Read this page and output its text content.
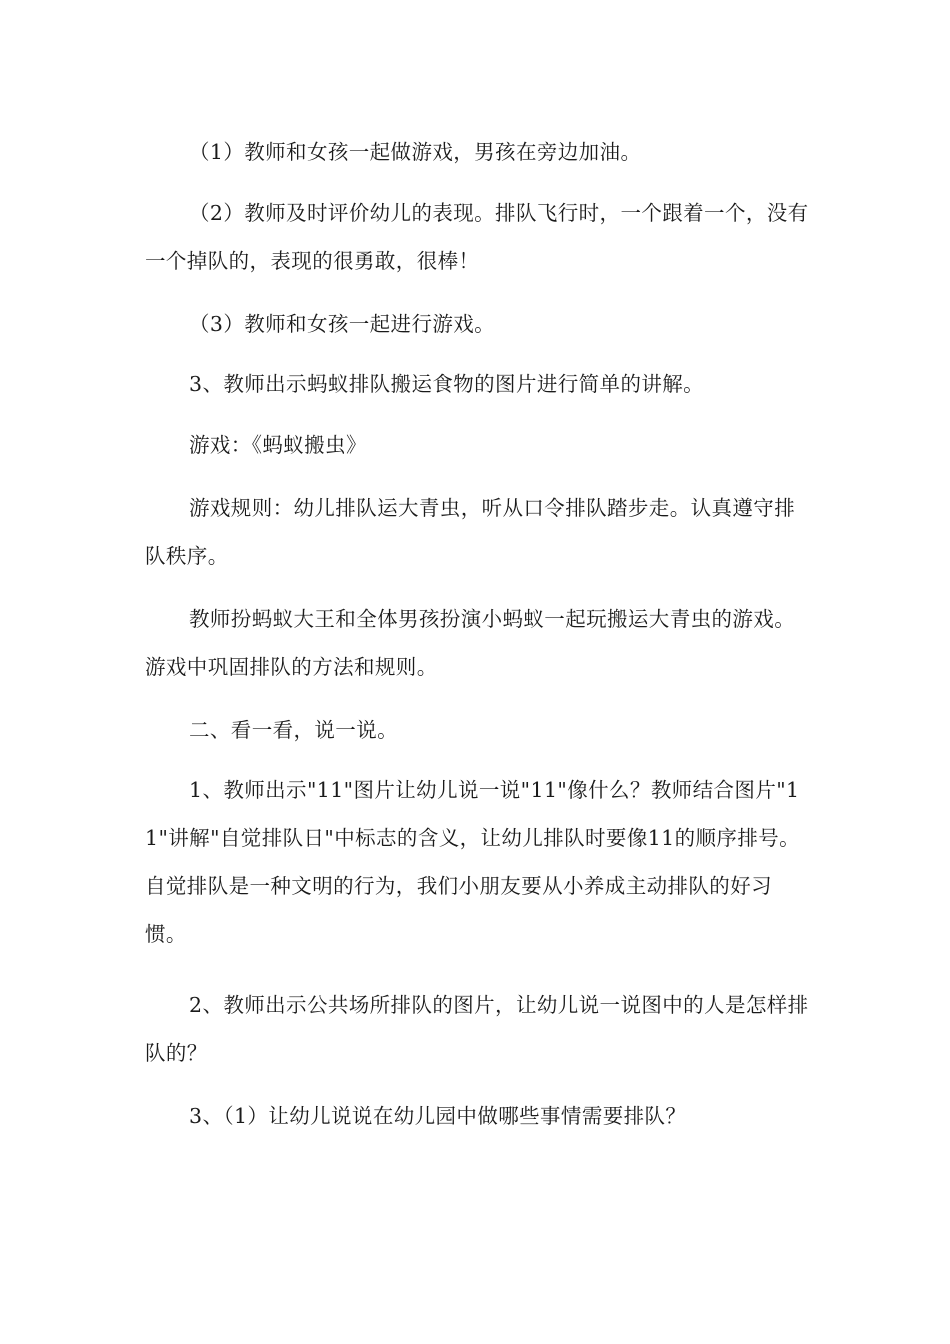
（1）教师和女孩一起做游戏，男孩在旁边加油。

（2）教师及时评价幼儿的表现。排队飞行时，一个跟着一个，没有一个掉队的，表现的很勇敢，很棒！

（3）教师和女孩一起进行游戏。

3、教师出示蚂蚁排队搬运食物的图片进行简单的讲解。

游戏：《蚂蚁搬虫》

游戏规则：幼儿排队运大青虫，听从口令排队踏步走。认真遵守排队秩序。

教师扮蚂蚁大王和全体男孩扮演小蚂蚁一起玩搬运大青虫的游戏。游戏中巩固排队的方法和规则。

二、看一看，说一说。

1、教师出示"11"图片让幼儿说一说"11"像什么？教师结合图片"11"讲解"自觉排队日"中标志的含义，让幼儿排队时要像11的顺序排号。自觉排队是一种文明的行为，我们小朋友要从小养成主动排队的好习惯。

2、教师出示公共场所排队的图片，让幼儿说一说图中的人是怎样排队的？

3、（1）让幼儿说说在幼儿园中做哪些事情需要排队？
